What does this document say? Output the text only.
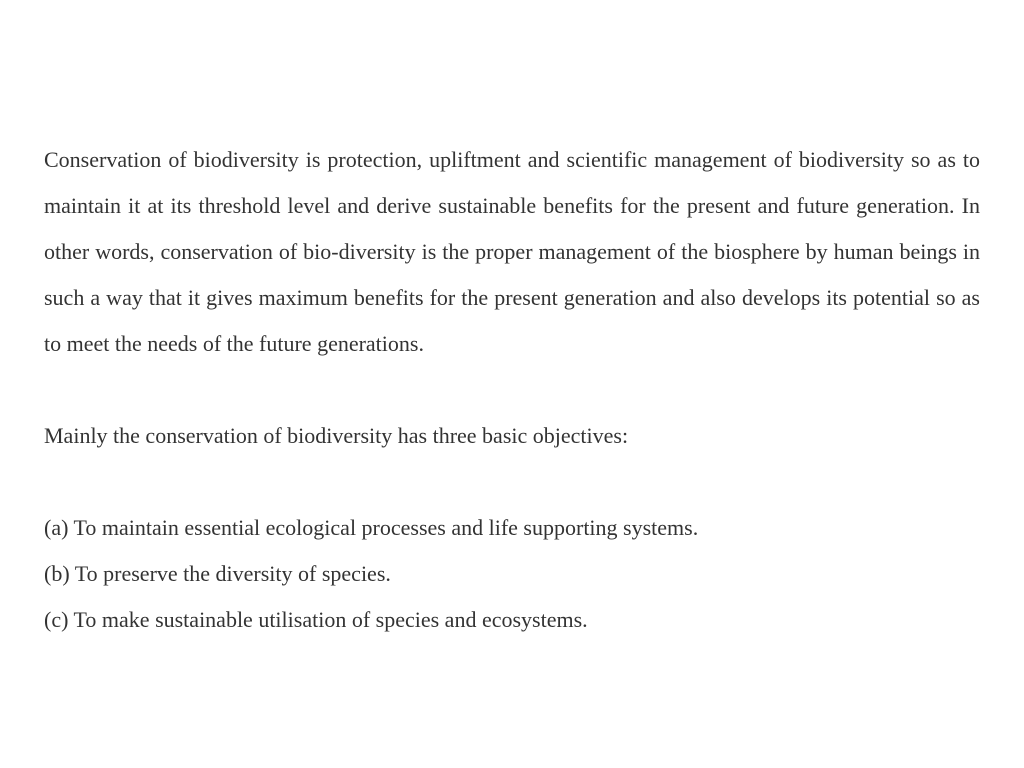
Conservation of biodiversity is protection, upliftment and scientific management of biodiversity so as to maintain it at its threshold level and derive sustainable benefits for the present and future generation. In other words, conservation of bio-diversity is the proper management of the biosphere by human beings in such a way that it gives maximum benefits for the present generation and also develops its potential so as to meet the needs of the future generations.

Mainly the conservation of biodiversity has three basic objectives:

(a) To maintain essential ecological processes and life supporting systems.
(b) To preserve the diversity of species.
(c) To make sustainable utilisation of species and ecosystems.
